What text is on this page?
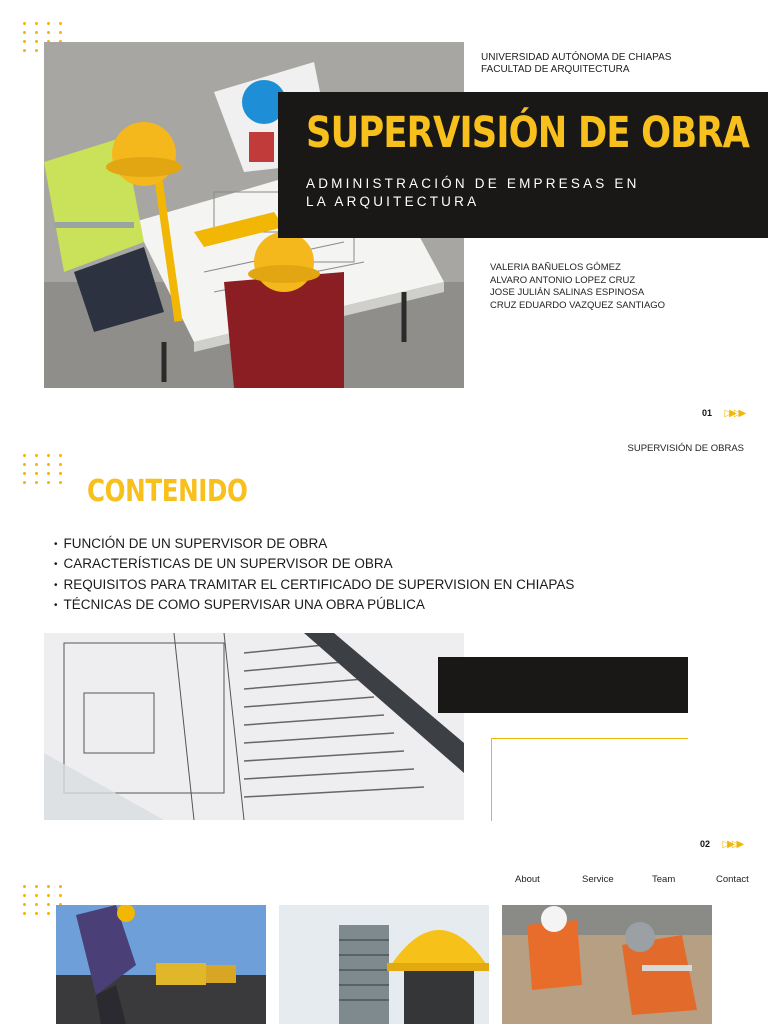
UNIVERSIDAD AUTÓNOMA DE CHIAPAS
FACULTAD DE ARQUITECTURA
SUPERVISIÓN DE OBRA
ADMINISTRACIÓN DE EMPRESAS EN LA ARQUITECTURA
VALERIA BAÑUELOS GÓMEZ
ALVARO ANTONIO LOPEZ CRUZ
JOSE JULIÁN SALINAS ESPINOSA
CRUZ EDUARDO VAZQUEZ SANTIAGO
01 ▷▶▷▶
SUPERVISIÓN DE OBRAS
CONTENIDO
• FUNCIÓN DE UN SUPERVISOR DE OBRA
• CARACTERÍSTICAS DE UN SUPERVISOR DE OBRA
• REQUISITOS PARA TRAMITAR EL CERTIFICADO DE SUPERVISION EN CHIAPAS
• TÉCNICAS DE COMO SUPERVISAR UNA OBRA PÚBLICA
02 ▷▶▷▶
About	Service	Team	Contact
